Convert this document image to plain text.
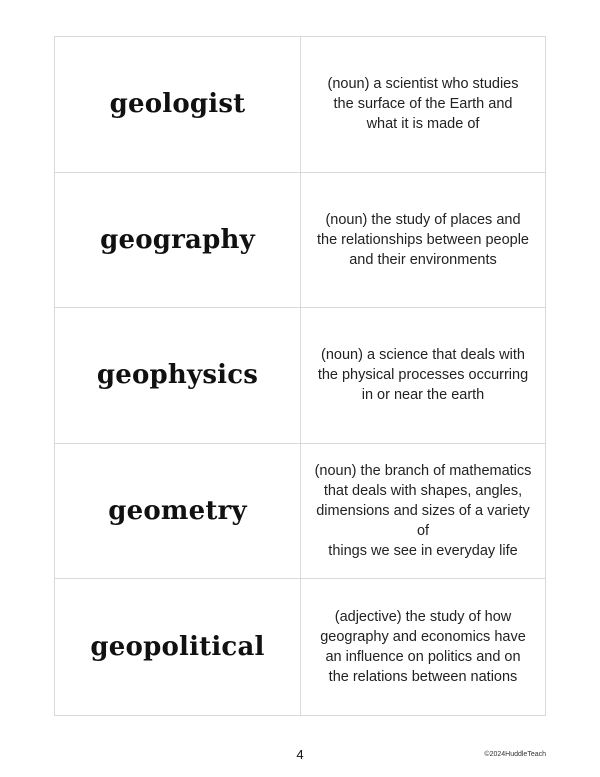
geologist
(noun) a scientist who studies
the surface of the Earth and
what it is made of
geography
(noun) the study of places and
the relationships between people
and their environments
geophysics
(noun) a science that deals with
the physical processes occurring
in or near the earth
geometry
(noun) the branch of mathematics
that deals with shapes, angles,
dimensions and sizes of a variety of
things we see in everyday life
geopolitical
(adjective) the study of how
geography and economics have
an influence on politics and on
the relations between nations
4	©2024HuddleTeach
